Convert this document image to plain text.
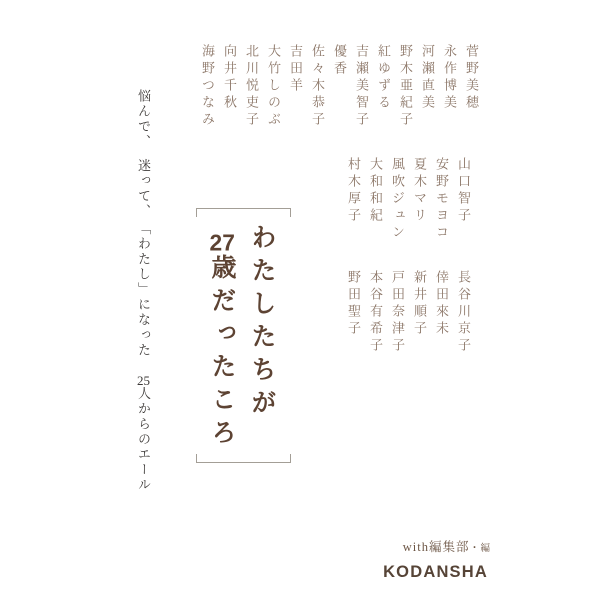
菅野美穂

永作博美

河瀨直美

野木亜紀子

紅ゆずる

吉瀨美智子

優香

佐々木恭子

吉田羊

大竹しのぶ

北川悦吏子

向井千秋

海野つなみ

山口智子

安野モヨコ

夏木マリ

風吹ジュン

大和和紀

村木厚子

長谷川京子

倖田來未

新井順子

戸田奈津子

本谷有希子

野田聖子

悩んで、　迷って、　「わたし」になった　25人からのエール

わたしたちが

27歳だったころ

with編集部・編

KODANSHA
